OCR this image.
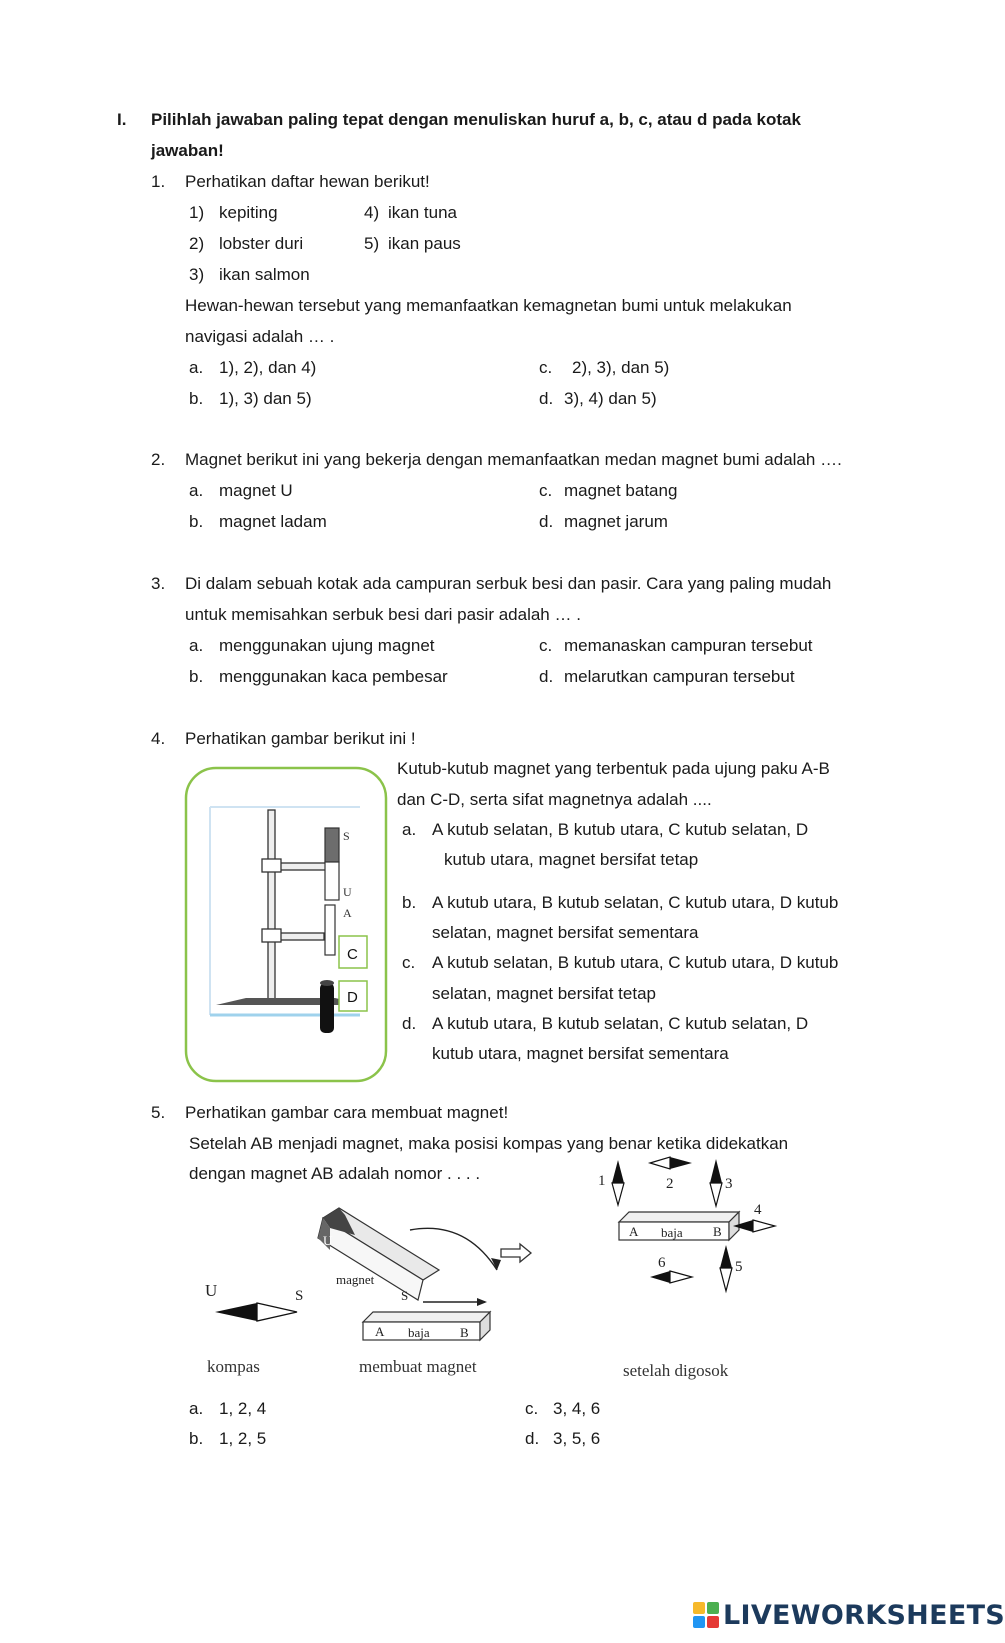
I. Pilihlah jawaban paling tepat dengan menuliskan huruf a, b, c, atau d pada kotak
jawaban!
1. Perhatikan daftar hewan berikut!
1) kepiting
2) lobster duri
3) ikan salmon
4) ikan tuna
5) ikan paus
Hewan-hewan tersebut yang memanfaatkan kemagnetan bumi untuk melakukan
navigasi adalah … .
a. 1), 2), dan 4)
b. 1), 3) dan 5)
c. 2), 3), dan 5)
d. 3), 4) dan 5)
2. Magnet berikut ini yang bekerja dengan memanfaatkan medan magnet bumi adalah ….
a. magnet U
b. magnet ladam
c. magnet batang
d. magnet jarum
3. Di dalam sebuah kotak ada campuran serbuk besi dan pasir. Cara yang paling mudah
untuk memisahkan serbuk besi dari pasir adalah … .
a. menggunakan ujung magnet
b. menggunakan kaca pembesar
c. memanaskan campuran tersebut
d. melarutkan campuran tersebut
4. Perhatikan gambar berikut ini !
S
U
A
C
D
Kutub-kutub magnet yang terbentuk pada ujung paku A-B
dan C-D, serta sifat magnetnya adalah ....
a. A kutub selatan, B kutub utara, C kutub selatan, D
kutub utara, magnet bersifat tetap
b. A kutub utara, B kutub selatan, C kutub utara, D kutub
selatan, magnet bersifat sementara
c. A kutub selatan, B kutub utara, C kutub utara, D kutub
selatan, magnet bersifat tetap
d. A kutub utara, B kutub selatan, C kutub selatan, D
kutub utara, magnet bersifat sementara
5. Perhatikan gambar cara membuat magnet!
Setelah AB menjadi magnet, maka posisi kompas yang benar ketika didekatkan
dengan magnet AB adalah nomor . . . .
U	S
kompas
U
magnet
S
A baja B
membuat magnet
A baja B
1	2	3
4
5
6
setelah digosok
a. 1, 2, 4
b. 1, 2, 5
c. 3, 4, 6
d. 3, 5, 6
LIVEWORKSHEETS
